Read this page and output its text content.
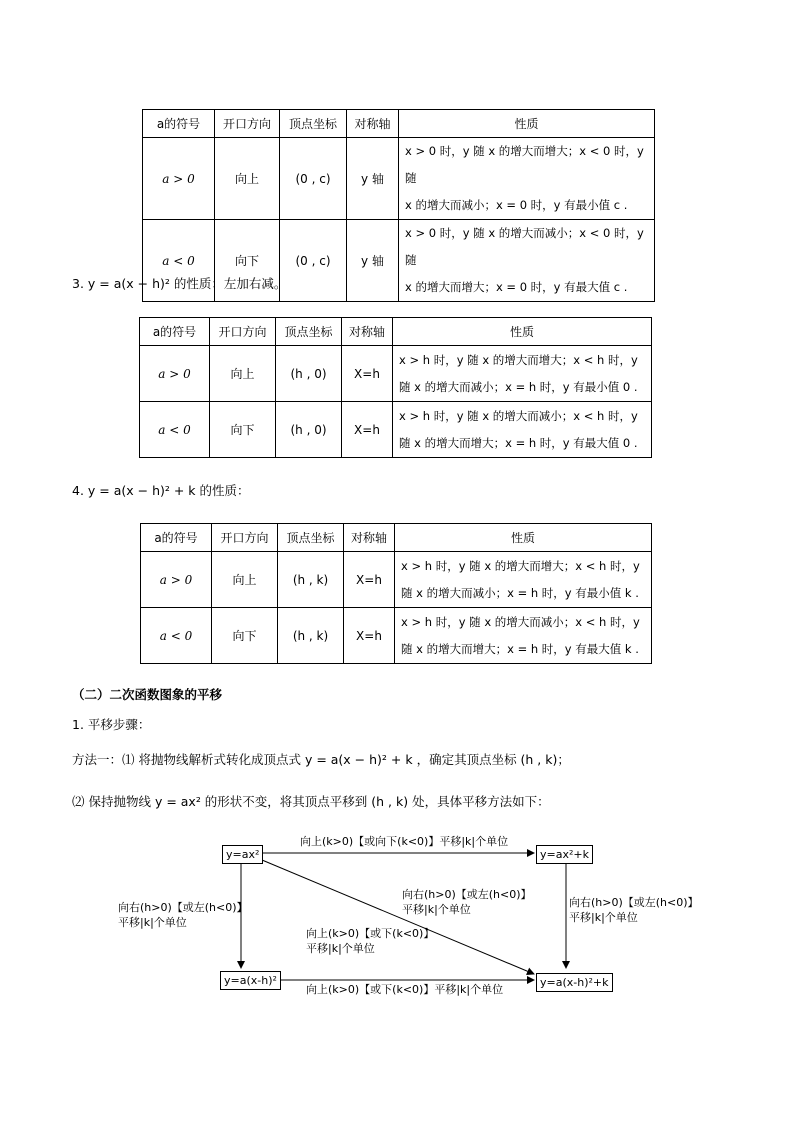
a的符号	开口方向	顶点坐标	对称轴	性质
a > 0	向上	(0 , c)	y 轴	x > 0 时，y 随 x 的增大而增大；x < 0 时，y 随
x 的增大而减小；x = 0 时，y 有最小值 c .

a < 0	向下	(0 , c)	y 轴	x > 0 时，y 随 x 的增大而减小；x < 0 时，y 随
x 的增大而增大；x = 0 时，y 有最大值 c .
3. y = a(x − h)² 的性质：左加右减。
a的符号	开口方向	顶点坐标	对称轴	性质
a > 0	向上	(h , 0)	X=h	x > h 时，y 随 x 的增大而增大；x < h 时，y
随 x 的增大而减小；x = h 时，y 有最小值 0 .

a < 0	向下	(h , 0)	X=h	x > h 时，y 随 x 的增大而减小；x < h 时，y
随 x 的增大而增大；x = h 时，y 有最大值 0 .
4. y = a(x − h)² + k 的性质：
a的符号	开口方向	顶点坐标	对称轴	性质
a > 0	向上	(h , k)	X=h	x > h 时，y 随 x 的增大而增大；x < h 时，y
随 x 的增大而减小；x = h 时，y 有最小值 k .

a < 0	向下	(h , k)	X=h	x > h 时，y 随 x 的增大而减小；x < h 时，y
随 x 的增大而增大；x = h 时，y 有最大值 k .
（二）二次函数图象的平移
1. 平移步骤：
方法一：⑴ 将抛物线解析式转化成顶点式 y = a(x − h)² + k ，确定其顶点坐标 (h , k)；
⑵ 保持抛物线 y = ax² 的形状不变，将其顶点平移到 (h , k) 处，具体平移方法如下：
y=ax²	y=ax²+k
y=a(x-h)²	y=a(x-h)²+k
向上(k>0)【或向下(k<0)】平移|k|个单位
向上(k>0)【或下(k<0)】平移|k|个单位
向右(h>0)【或左(h<0)】
平移|k|个单位
向右(h>0)【或左(h<0)】
平移|k|个单位
向右(h>0)【或左(h<0)】
平移|k|个单位
向上(k>0)【或下(k<0)】
平移|k|个单位
